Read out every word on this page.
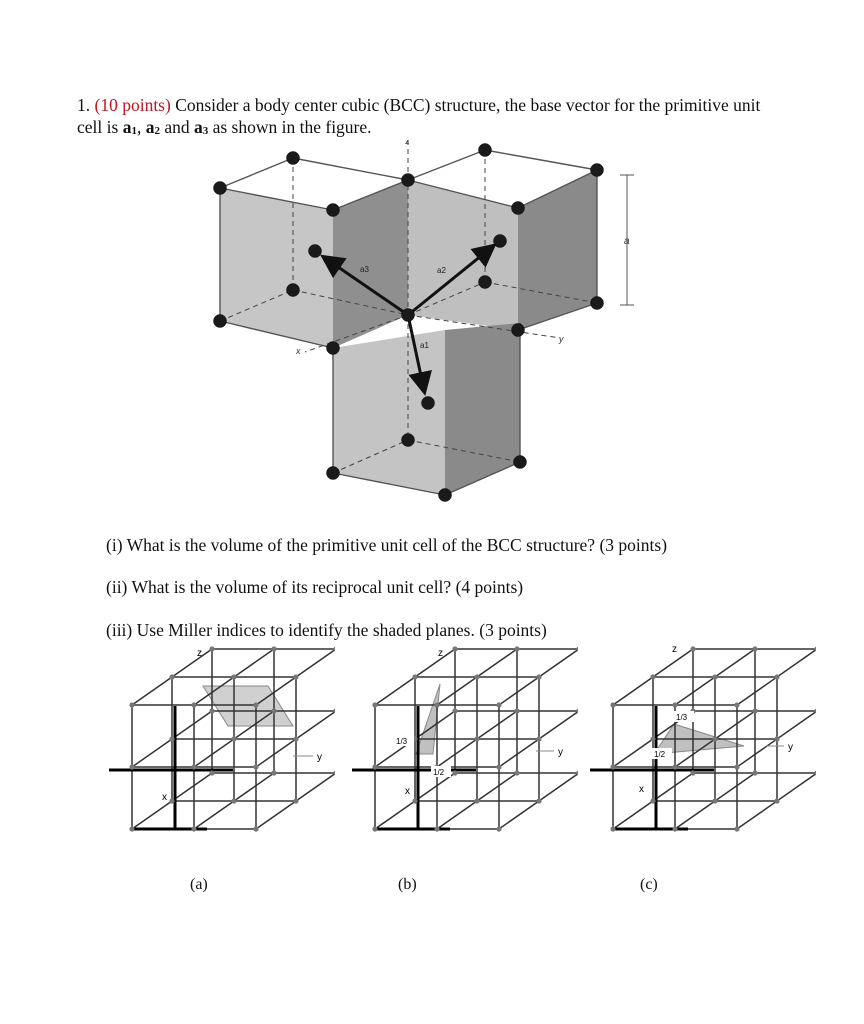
1. (10 points) Consider a body center cubic (BCC) structure, the base vector for the primitive unit cell is $a_1$, $a_2$ and $a_3$ as shown in the figure.
a
z
x
y
a3	a2
a1
(i) What is the volume of the primitive unit cell of the BCC structure? (3 points)
(ii) What is the volume of its reciprocal unit cell? (4 points)
(iii) Use Miller indices to identify the shaded planes. (3 points)
z
y
x
1/3
1/2
z
y
x
1/3
1/2
z
y
x
(a)	(b)	(c)
